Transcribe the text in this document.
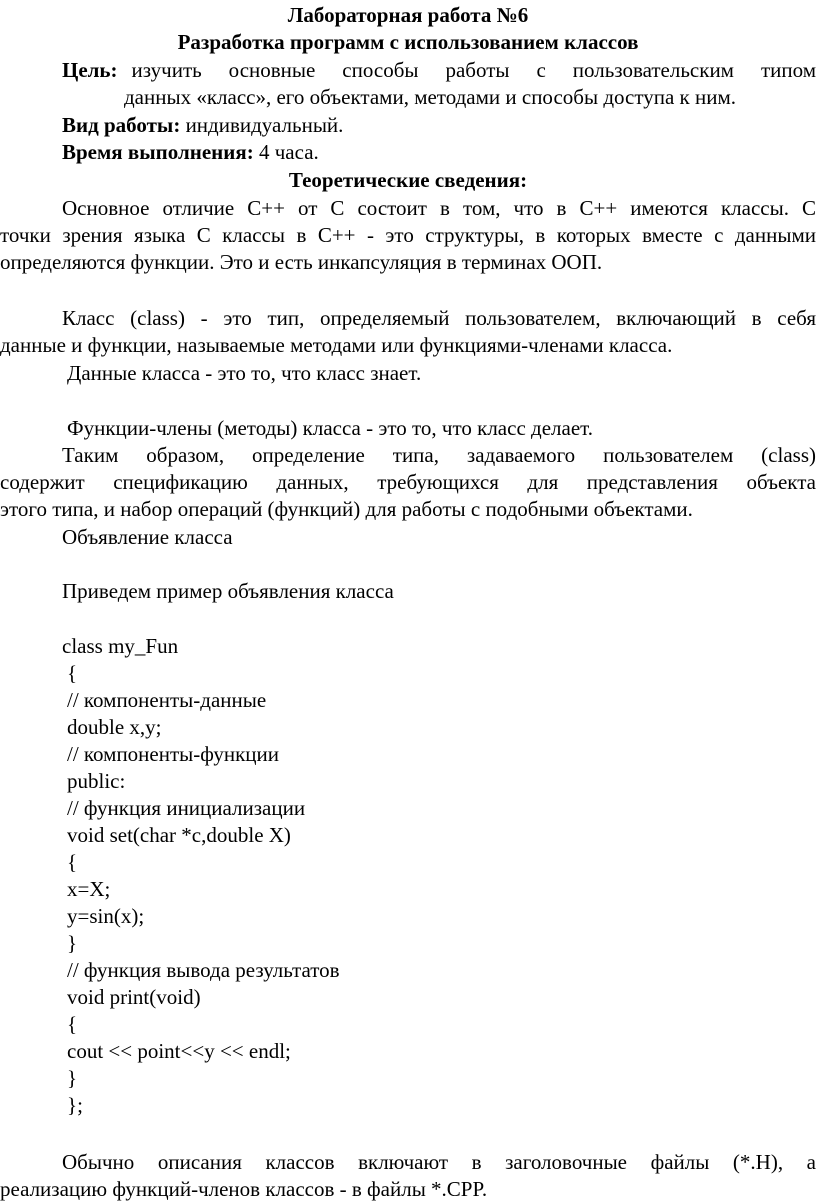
Лабораторная работа №6
Разработка программ с использованием классов
Цель: изучить основные способы работы с пользовательским типом
данных «класс», его объектами, методами и способы доступа к ним.
Вид работы: индивидуальный.
Время выполнения: 4 часа.
Теоретические сведения:
Основное отличие С++ от С состоит в том, что в С++ имеются классы. С
точки зрения языка С классы в С++ - это структуры, в которых вместе с данными
определяются функции. Это и есть инкапсуляция в терминах ООП.
Класс (class) - это тип, определяемый пользователем, включающий в себя
данные и функции, называемые методами или функциями-членами класса.
Данные класса - это то, что класс знает.
Функции-члены (методы) класса - это то, что класс делает.
Таким образом, определение типа, задаваемого пользователем (class)
содержит спецификацию данных, требующихся для представления объекта
этого типа, и набор операций (функций) для работы с подобными объектами.
Объявление класса
Приведем пример объявления класса
class my_Fun
{
// компоненты-данные
double x,y;
// компоненты-функции
public:
// функция инициализации
void set(char *c,double X)
{
x=X;
y=sin(x);
}
// функция вывода результатов
void print(void)
{
cout << point<<y << endl;
}
};
Обычно описания классов включают в заголовочные файлы (*.H), а
реализацию функций-членов классов - в файлы *.CPP.
